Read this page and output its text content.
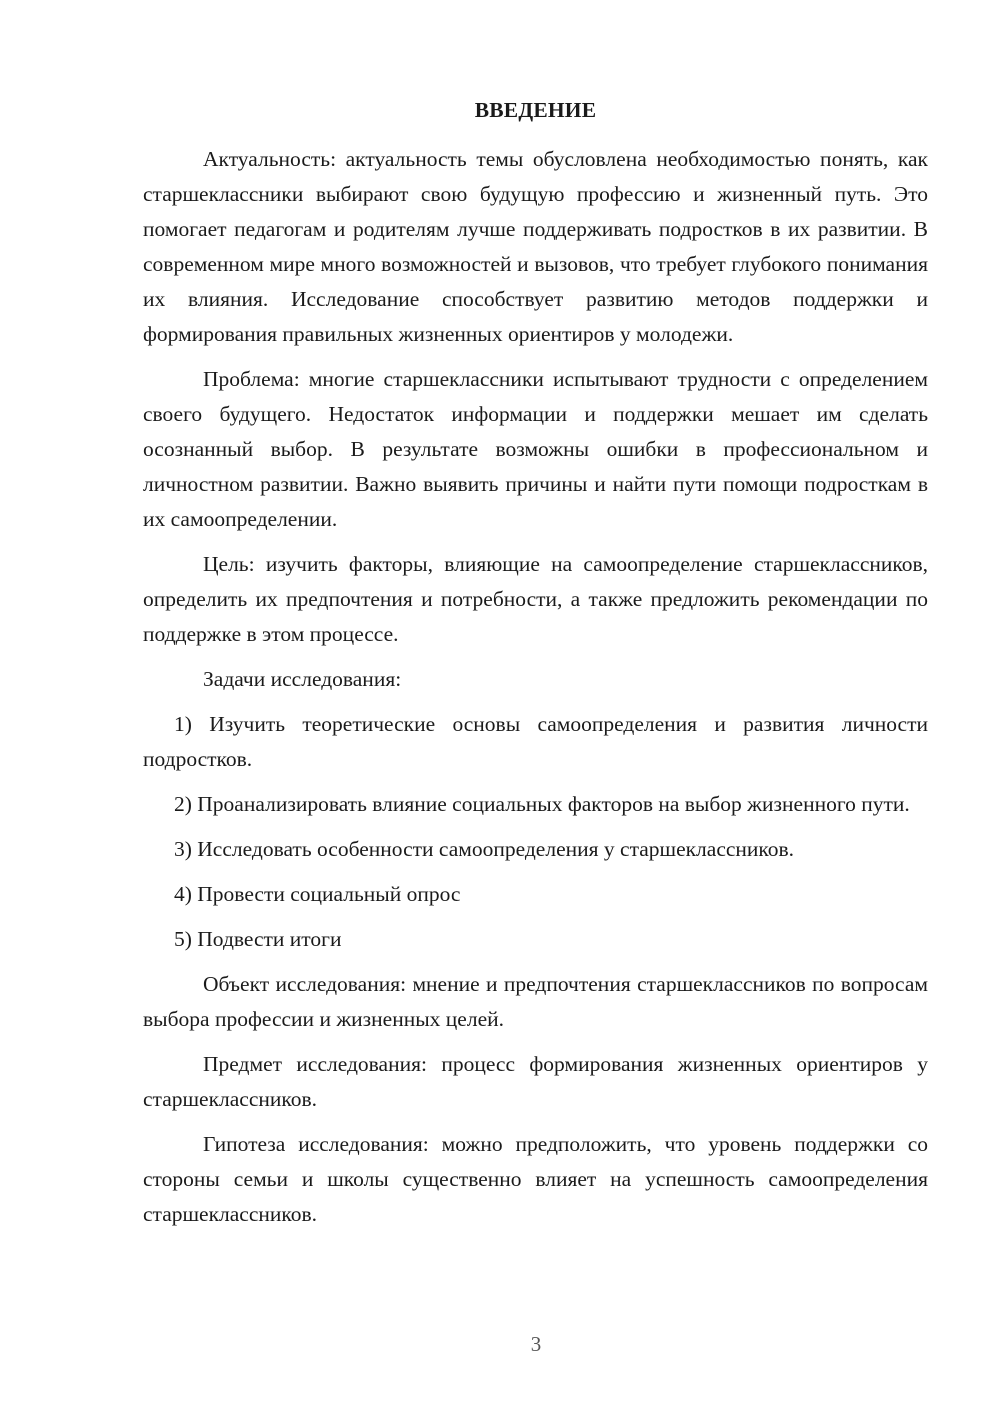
ВВЕДЕНИЕ

Актуальность: актуальность темы обусловлена необходимостью понять, как старшеклассники выбирают свою будущую профессию и жизненный путь. Это помогает педагогам и родителям лучше поддерживать подростков в их развитии. В современном мире много возможностей и вызовов, что требует глубокого понимания их влияния. Исследование способствует развитию методов поддержки и формирования правильных жизненных ориентиров у молодежи.

Проблема: многие старшеклассники испытывают трудности с определением своего будущего. Недостаток информации и поддержки мешает им сделать осознанный выбор. В результате возможны ошибки в профессиональном и личностном развитии. Важно выявить причины и найти пути помощи подросткам в их самоопределении.

Цель: изучить факторы, влияющие на самоопределение старшеклассников, определить их предпочтения и потребности, а также предложить рекомендации по поддержке в этом процессе.

Задачи исследования:

1) Изучить теоретические основы самоопределения и развития личности подростков.

2) Проанализировать влияние социальных факторов на выбор жизненного пути.

3) Исследовать особенности самоопределения у старшеклассников.

4) Провести социальный опрос

5) Подвести итоги

Объект исследования: мнение и предпочтения старшеклассников по вопросам выбора профессии и жизненных целей.

Предмет исследования: процесс формирования жизненных ориентиров у старшеклассников.

Гипотеза исследования: можно предположить, что уровень поддержки со стороны семьи и школы существенно влияет на успешность самоопределения старшеклассников.

3
